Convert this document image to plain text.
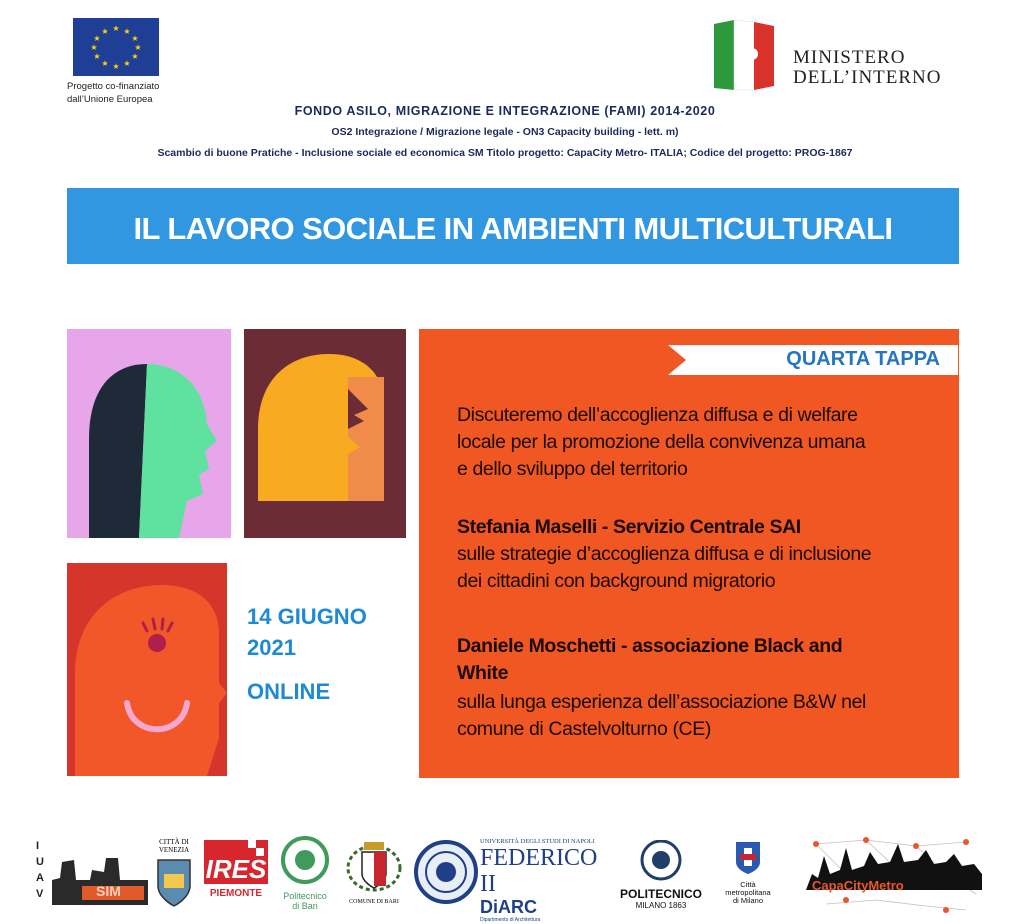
★ ★
★
★
★
★
★
★
★
★
★
★
Progetto co-finanziato
dall’Unione Europea
MINISTERO
DELL’INTERNO
FONDO ASILO, MIGRAZIONE E INTEGRAZIONE (FAMI) 2014-2020
OS2 Integrazione / Migrazione legale - ON3 Capacity building - lett. m)
Scambio di buone Pratiche - Inclusione sociale ed economica SM Titolo progetto: CapaCity Metro- ITALIA; Codice del progetto: PROG-1867
IL LAVORO SOCIALE IN AMBIENTI MULTICULTURALI
14 GIUGNO
2021
ONLINE
QUARTA TAPPA
Discuteremo dell’accoglienza diffusa e di welfare
locale per la promozione della convivenza umana
e dello sviluppo del territorio
Stefania Maselli - Servizio Centrale SAI
sulle strategie d’accoglienza diffusa e di inclusione
dei cittadini con background migratorio
Daniele Moschetti - associazione Black and
White
sulla lunga esperienza dell’associazione B&W nel
comune di Castelvolturno (CE)
I U A V	SIM
CITTÀ DI
VENEZIA
IRES
PIEMONTE	Politecnico
di Bari	COMUNE DI BARI
UNIVERSITÀ DEGLI STUDI DI NAPOLI
FEDERICO II
DiARC
Dipartimento di Architettura
POLITECNICO
MILANO 1863
Città
metropolitana
di Milano
CapaCityMetro ITALIA
